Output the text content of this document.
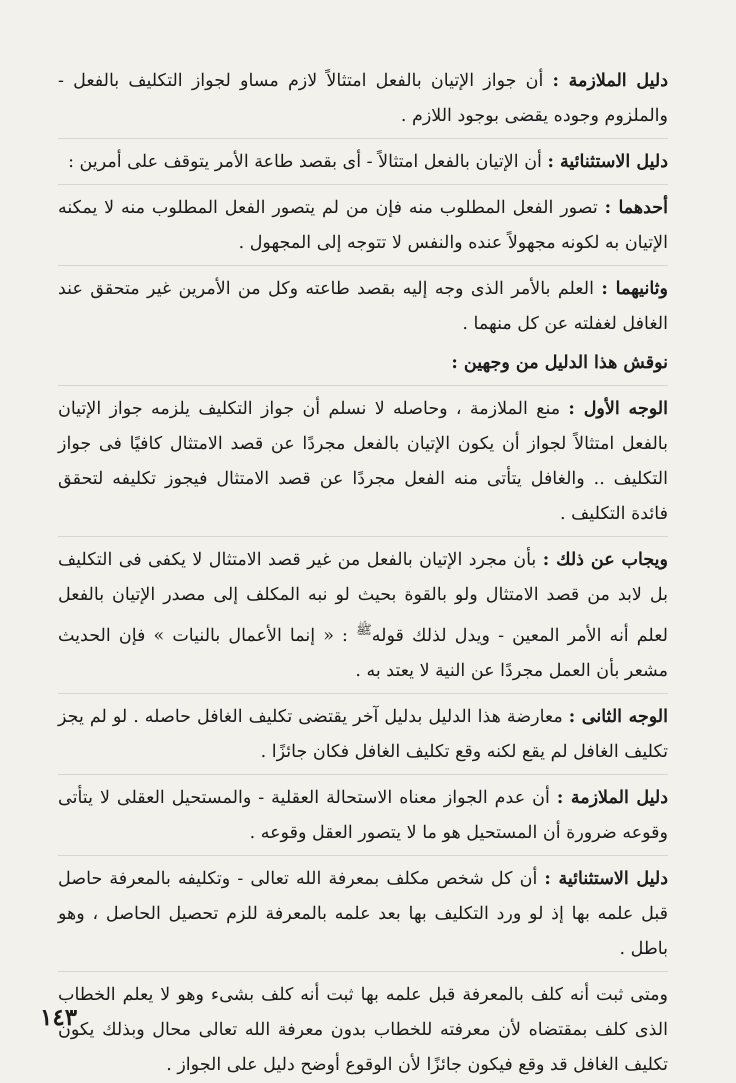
دليل الملازمة : أن جواز الإتيان بالفعل امتثالاً لازم مساو لجواز التكليف بالفعل - والملزوم وجوده يقضى بوجود اللازم .

دليل الاستثنائية : أن الإتيان بالفعل امتثالاً - أى بقصد طاعة الأمر يتوقف على أمرين :

أحدهما : تصور الفعل المطلوب منه فإن من لم يتصور الفعل المطلوب منه لا يمكنه الإتيان به لكونه مجهولاً عنده والنفس لا تتوجه إلى المجهول .

وثانيهما : العلم بالأمر الذى وجه إليه بقصد طاعته وكل من الأمرين غير متحقق عند الغافل لغفلته عن كل منهما .

نوقش هذا الدليل من وجهين :

الوجه الأول : منع الملازمة ، وحاصله لا نسلم أن جواز التكليف يلزمه جواز الإتيان بالفعل امتثالاً لجواز أن يكون الإتيان بالفعل مجردًا عن قصد الامتثال كافيًا فى جواز التكليف .. والغافل يتأتى منه الفعل مجردًا عن قصد الامتثال فيجوز تكليفه لتحقق فائدة التكليف .

ويجاب عن ذلك : بأن مجرد الإتيان بالفعل من غير قصد الامتثال لا يكفى فى التكليف بل لابد من قصد الامتثال ولو بالقوة بحيث لو نبه المكلف إلى مصدر الإتيان بالفعل لعلم أنه الأمر المعين - ويدل لذلك قوله$^ﷺ$ : « إنما الأعمال بالنيات » فإن الحديث مشعر بأن العمل مجردًا عن النية لا يعتد به .

الوجه الثانى : معارضة هذا الدليل بدليل آخر يقتضى تكليف الغافل حاصله . لو لم يجز تكليف الغافل لم يقع لكنه وقع تكليف الغافل فكان جائزًا .

دليل الملازمة : أن عدم الجواز معناه الاستحالة العقلية - والمستحيل العقلى لا يتأتى وقوعه ضرورة أن المستحيل هو ما لا يتصور العقل وقوعه .

دليل الاستثنائية : أن كل شخص مكلف بمعرفة الله تعالى - وتكليفه بالمعرفة حاصل قبل علمه بها إذ لو ورد التكليف بها بعد علمه بالمعرفة للزم تحصيل الحاصل ، وهو باطل .

ومتى ثبت أنه كلف بالمعرفة قبل علمه بها ثبت أنه كلف بشىء وهو لا يعلم الخطاب الذى كلف بمقتضاه لأن معرفته للخطاب بدون معرفة الله تعالى محال وبذلك يكون تكليف الغافل قد وقع فيكون جائزًا لأن الوقوع أوضح دليل على الجواز .

١٤٣
